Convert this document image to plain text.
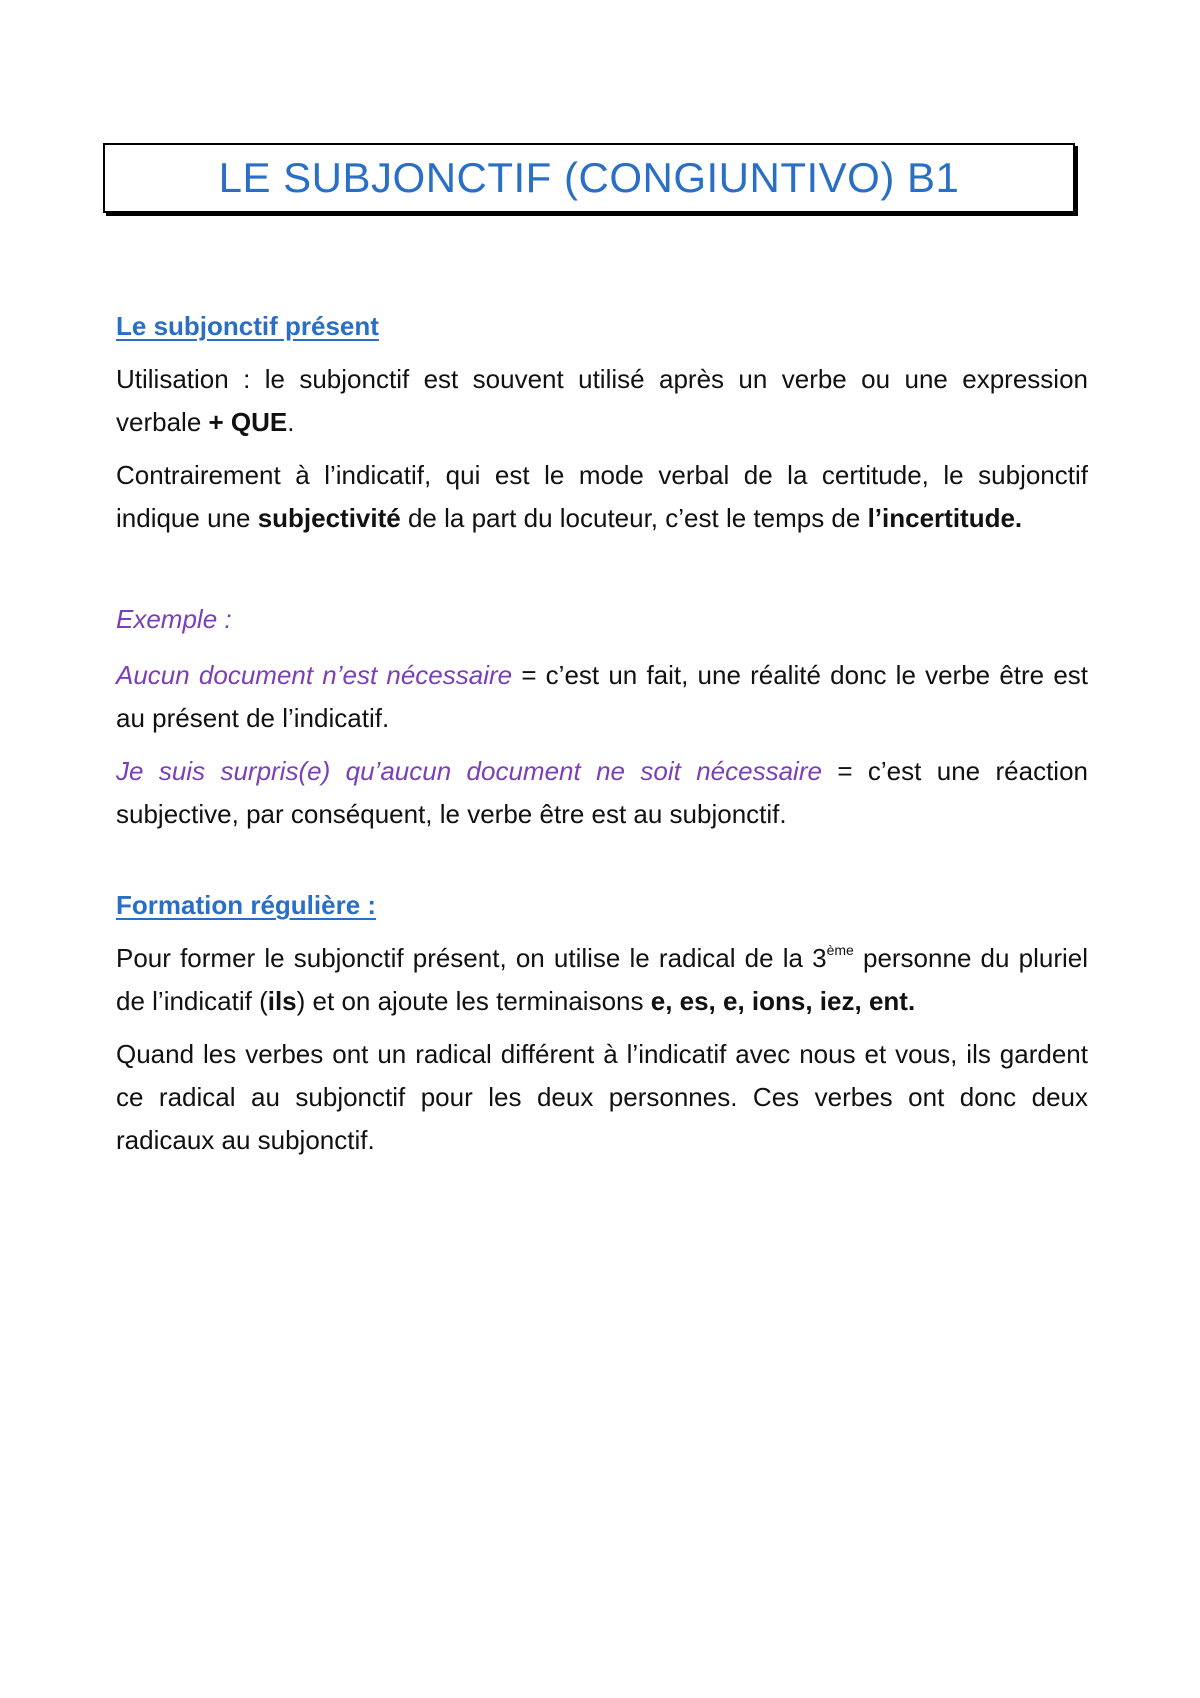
LE SUBJONCTIF (CONGIUNTIVO) B1

Le subjonctif présent

Utilisation : le subjonctif est souvent utilisé après un verbe ou une expression verbale + QUE.

Contrairement à l’indicatif, qui est le mode verbal de la certitude, le subjonctif indique une subjectivité de la part du locuteur, c’est le temps de l’incertitude.

Exemple :

Aucun document n’est nécessaire = c’est un fait, une réalité donc le verbe être est au présent de l’indicatif.

Je suis surpris(e) qu’aucun document ne soit nécessaire = c’est une réaction subjective, par conséquent, le verbe être est au subjonctif.

Formation régulière :

Pour former le subjonctif présent, on utilise le radical de la 3ème personne du pluriel de l’indicatif (ils) et on ajoute les terminaisons e, es, e, ions, iez, ent.

Quand les verbes ont un radical différent à l’indicatif avec nous et vous, ils gardent ce radical au subjonctif pour les deux personnes. Ces verbes ont donc deux radicaux au subjonctif.
